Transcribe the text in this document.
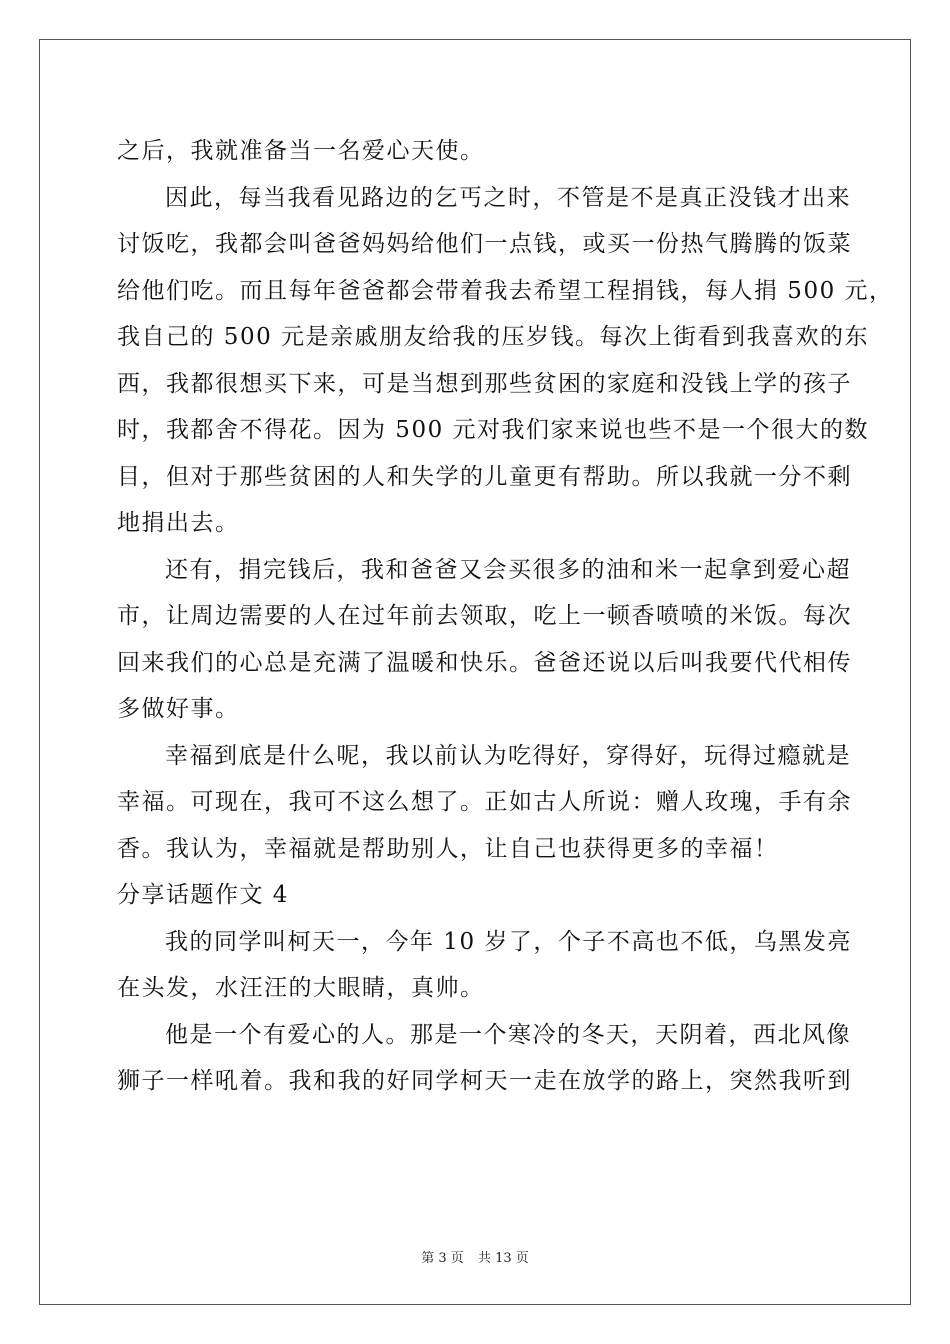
之后，我就准备当一名爱心天使。
因此，每当我看见路边的乞丐之时，不管是不是真正没钱才出来
讨饭吃，我都会叫爸爸妈妈给他们一点钱，或买一份热气腾腾的饭菜
给他们吃。而且每年爸爸都会带着我去希望工程捐钱，每人捐 500 元，
我自己的 500 元是亲戚朋友给我的压岁钱。每次上街看到我喜欢的东
西，我都很想买下来，可是当想到那些贫困的家庭和没钱上学的孩子
时，我都舍不得花。因为 500 元对我们家来说也些不是一个很大的数
目，但对于那些贫困的人和失学的儿童更有帮助。所以我就一分不剩
地捐出去。
还有，捐完钱后，我和爸爸又会买很多的油和米一起拿到爱心超
市，让周边需要的人在过年前去领取，吃上一顿香喷喷的米饭。每次
回来我们的心总是充满了温暖和快乐。爸爸还说以后叫我要代代相传
多做好事。
幸福到底是什么呢，我以前认为吃得好，穿得好，玩得过瘾就是
幸福。可现在，我可不这么想了。正如古人所说：赠人玫瑰，手有余
香。我认为，幸福就是帮助别人，让自己也获得更多的幸福！
分享话题作文 4
我的同学叫柯天一，今年 10 岁了，个子不高也不低，乌黑发亮
在头发，水汪汪的大眼睛，真帅。
他是一个有爱心的人。那是一个寒冷的冬天，天阴着，西北风像
狮子一样吼着。我和我的好同学柯天一走在放学的路上，突然我听到
第 3 页 共 13 页
